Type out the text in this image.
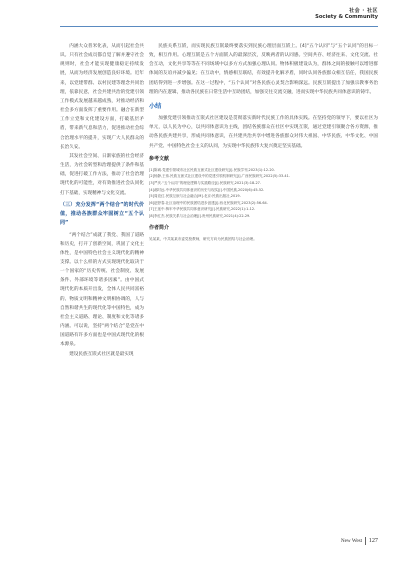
社会 · 社区
Society & Community

内涵大众普米化表，从而引起社会共识。只有社会成员都自觉了解并遵守社会规则时，社会才能实现健康稳定持续发展，从而为经济发展创造良好环境。近年来，以党建带群、以村民建等理念共同治理，依靠民意，社会共建共治的党建引领工作模式发展越来越成熟，对推动经济和社会多方面发挥了重要作用。融合在新型工作立党和文化建设方面，打破基层矛盾，带来新气息和活力，促进推动社会综合治理水平的提升，实现广大人民群众的长治久安。

其发社会空间、日渐家族的社会经济生活，为社会转型和治理提供了条件和基础，促进打破工作方法，推动了社会治理现代化的可能性，对有效推进社会认同化打下基础，实现精神与文化交流。

（三）充分发挥“两个结合”的时代价值，推动各族群众牢固树立“五个认同”

“两个结合”成就了我党、我国了道路和历史，打开了创新空间，巩固了文化主体性，是中国特色社会主义现代化的精神支撑。以十么样的方式实现现代化取决于一个国家的“历史传统、社会制度、发展条件、外部环境等诸多因素”。由中国式现代化的本质开出发，全体人民共同富裕的、物质文明和精神文明相协调的，人与自然和谐共生的现代化等中国特色，成为社会主义道路、理论、制度和文化等诸多内涵。可以说，坚持“两个结合”是党在中国道路有许多方面也是中国式现代化的根本源泉。

建设民族互嵌式社区就是最实现

民族关系互嵌，而实现民族互嵌最终要落实到民族心理层面互嵌上。[4]“五个认同”与“五个认同”的目标一致，相互作用。心理互嵌是五个方面嵌入的最深层次，反映两者的认同感。空间共存、经济往来、文化交流、社会互动，文化共享等等在不同场域中以多方方式加强心理认同。物体积极建设认为，群体之间的接触可以增进群体间的友谊并减少偏见；在互动中，情感相互联结，有效提升化解矛盾，同时认同各族群众相互信任，我国民族团结得到进一步增强。在这一过程中，“五个认同”对各民族心灵契合影响深远。民族互嵌提出了加强宗教事务治理的内在逻辑，推动各民族在日常生活中互助团结，加强交往交流交融，进而实现中华民族共同体意识的铸牢。

小结

加强党建引领推动互嵌式社区建设是贯彻落实新时代民族工作的具体实践。在坚持党的领导下，要以社区为单元，以人民为中心，以共同体意识为主线，团结各族群众在社区中实现互嵌，通过党建引领聚合各方资源，推动各民族共建共享，形成共同体意识，在共建共治共享中增进各族群众对伟大祖国、中华民族、中华文化、中国共产党、中国特色社会主义的认同，为实现中华民族伟大复兴奠定坚实基础。

参考文献
[1]陈诚.党建引领城市社区民族互嵌式社区建设研究[J].民族学刊,2023(1):12-20.
[2]杨静,王伟.民族互嵌式社区建设中的党建引领机制研究[J].广西民族研究,2022(5):33-41.
[3]严庆.“五个认同”的理论逻辑与实践路径[J].民族研究,2021(3):18-27.
[4]郝时远.中华民族共同体意识的历史与现实[J].中国民族,2020(6):45-52.
[5]周竞红.民族互嵌与社会融合[M].北京:民族出版社,2019.
[6]赵野春.社区治理中的民族团结进步创建[J].西北民族研究,2023(2):56-64.
[7]王延中.铸牢中华民族共同体意识研究[J].民族研究,2022(1):1-12.
[8]李红杰.民族关系与社会治理[J].贵州民族研究,2021(4):22-29.
作者简介
吴某某，中共某某市委党校教师，研究方向为民族团结与社会治理。
New West 127
